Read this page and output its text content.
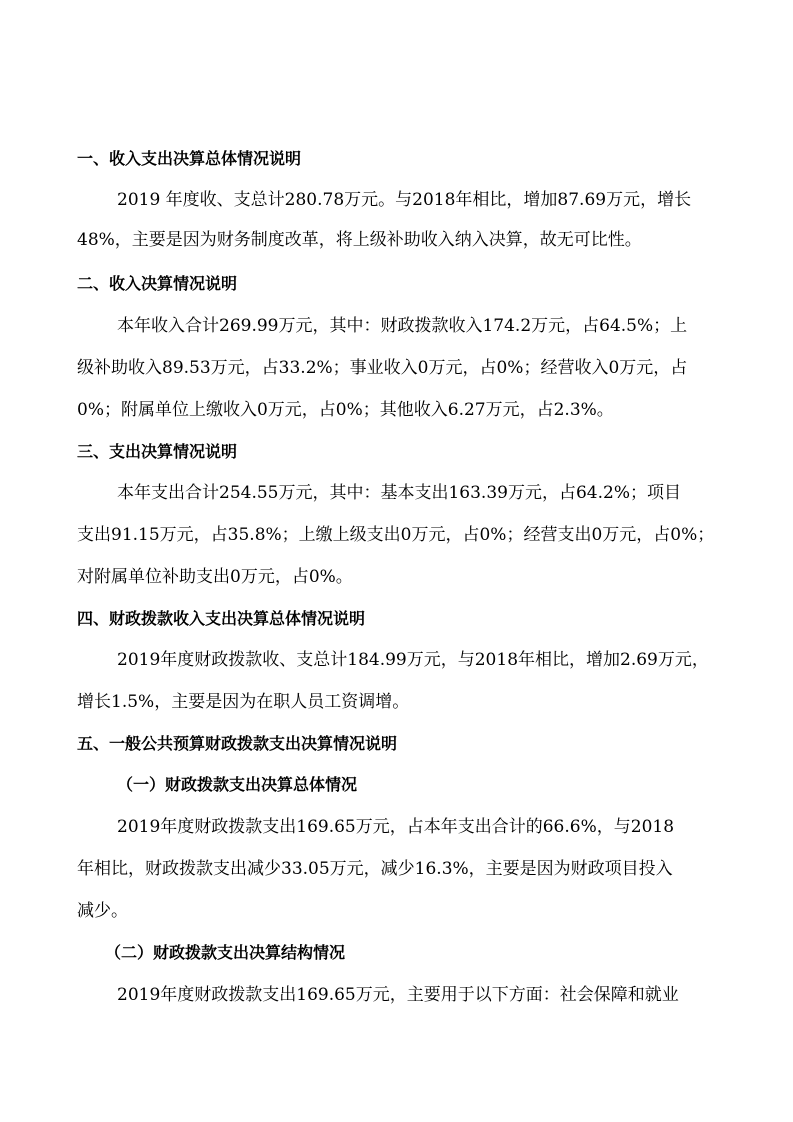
一、收入支出决算总体情况说明
2019 年度收、支总计280.78万元。与2018年相比，增加87.69万元，增长
48%，主要是因为财务制度改革，将上级补助收入纳入决算，故无可比性。
二、收入决算情况说明
本年收入合计269.99万元，其中：财政拨款收入174.2万元，占64.5%；上
级补助收入89.53万元，占33.2%；事业收入0万元，占0%；经营收入0万元，占
0%；附属单位上缴收入0万元，占0%；其他收入6.27万元，占2.3%。
三、支出决算情况说明
本年支出合计254.55万元，其中：基本支出163.39万元，占64.2%；项目
支出91.15万元，占35.8%；上缴上级支出0万元，占0%；经营支出0万元，占0%；
对附属单位补助支出0万元，占0%。
四、财政拨款收入支出决算总体情况说明
2019年度财政拨款收、支总计184.99万元，与2018年相比，增加2.69万元，
增长1.5%，主要是因为在职人员工资调增。
五、一般公共预算财政拨款支出决算情况说明
（一）财政拨款支出决算总体情况
2019年度财政拨款支出169.65万元，占本年支出合计的66.6%，与2018
年相比，财政拨款支出减少33.05万元，减少16.3%，主要是因为财政项目投入
减少。
（二）财政拨款支出决算结构情况
2019年度财政拨款支出169.65万元，主要用于以下方面：社会保障和就业
